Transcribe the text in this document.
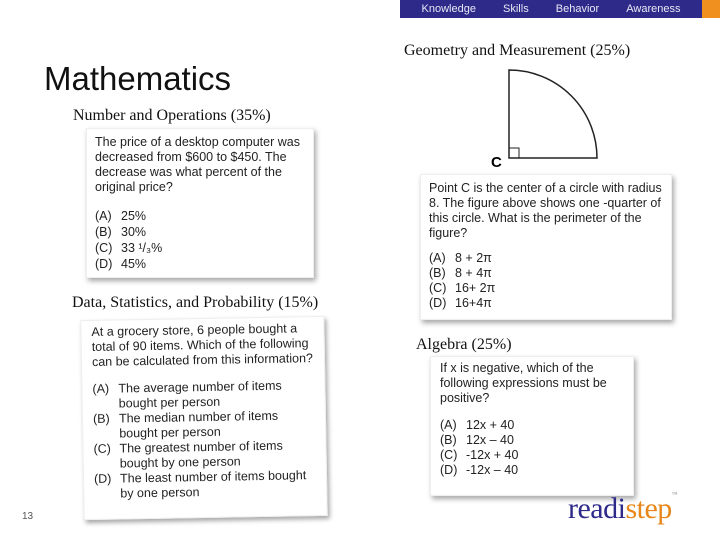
Knowledge Skills Behavior Awareness
Mathematics
Number and Operations (35%)
The price of a desktop computer was decreased from $600 to $450. The decrease was what percent of the original price?
(A) 25%
(B) 30%
(C) 33 ¹/₃%
(D) 45%
Data, Statistics, and Probability (15%)
At a grocery store, 6 people bought a total of 90 items. Which of the following can be calculated from this information?
(A) The average number of items bought per person
(B) The median number of items bought per person
(C) The greatest number of items bought by one person
(D) The least number of items bought by one person
13
Geometry and Measurement (25%)
Point C is the center of a circle with radius 8. The figure above shows one -quarter of this circle. What is the perimeter of the figure?
(A) 8 + 2π
(B) 8 + 4π
(C) 16+ 2π
(D) 16+4π
C
Algebra (25%)
If x is negative, which of the following expressions must be positive?
(A) 12x + 40
(B) 12x – 40
(C) -12x + 40
(D) -12x – 40
readistep™
